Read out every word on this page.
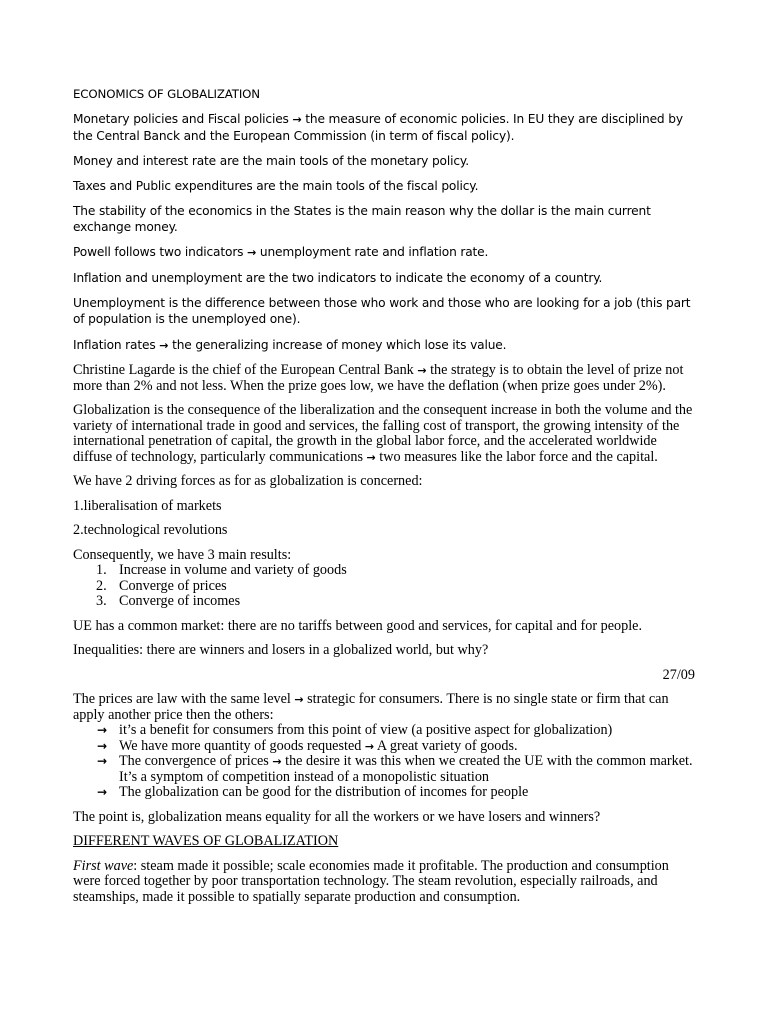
ECONOMICS OF GLOBALIZATION

Monetary policies and Fiscal policies → the measure of economic policies. In EU they are disciplined by the Central Banck and the European Commission (in term of fiscal policy).

Money and interest rate are the main tools of the monetary policy.

Taxes and Public expenditures are the main tools of the fiscal policy.

The stability of the economics in the States is the main reason why the dollar is the main current exchange money.

Powell follows two indicators → unemployment rate and inflation rate.

Inflation and unemployment are the two indicators to indicate the economy of a country.

Unemployment is the difference between those who work and those who are looking for a job (this part of population is the unemployed one).

Inflation rates → the generalizing increase of money which lose its value.

Christine Lagarde is the chief of the European Central Bank → the strategy is to obtain the level of prize not more than 2% and not less. When the prize goes low, we have the deflation (when prize goes under 2%).

Globalization is the consequence of the liberalization and the consequent increase in both the volume and the variety of international trade in good and services, the falling cost of transport, the growing intensity of the international penetration of capital, the growth in the global labor force, and the accelerated worldwide diffuse of technology, particularly communications → two measures like the labor force and the capital.

We have 2 driving forces as for as globalization is concerned:

1.liberalisation of markets

2.technological revolutions

Consequently, we have 3 main results:

1. Increase in volume and variety of goods
2. Converge of prices
3. Converge of incomes

UE has a common market: there are no tariffs between good and services, for capital and for people.

Inequalities: there are winners and losers in a globalized world, but why?

27/09

The prices are law with the same level → strategic for consumers. There is no single state or firm that can apply another price then the others:

→ it’s a benefit for consumers from this point of view (a positive aspect for globalization)
→ We have more quantity of goods requested → A great variety of goods.
→ The convergence of prices → the desire it was this when we created the UE with the common market. It’s a symptom of competition instead of a monopolistic situation
→ The globalization can be good for the distribution of incomes for people

The point is, globalization means equality for all the workers or we have losers and winners?

DIFFERENT WAVES OF GLOBALIZATION

First wave: steam made it possible; scale economies made it profitable. The production and consumption were forced together by poor transportation technology. The steam revolution, especially railroads, and steamships, made it possible to spatially separate production and consumption.
